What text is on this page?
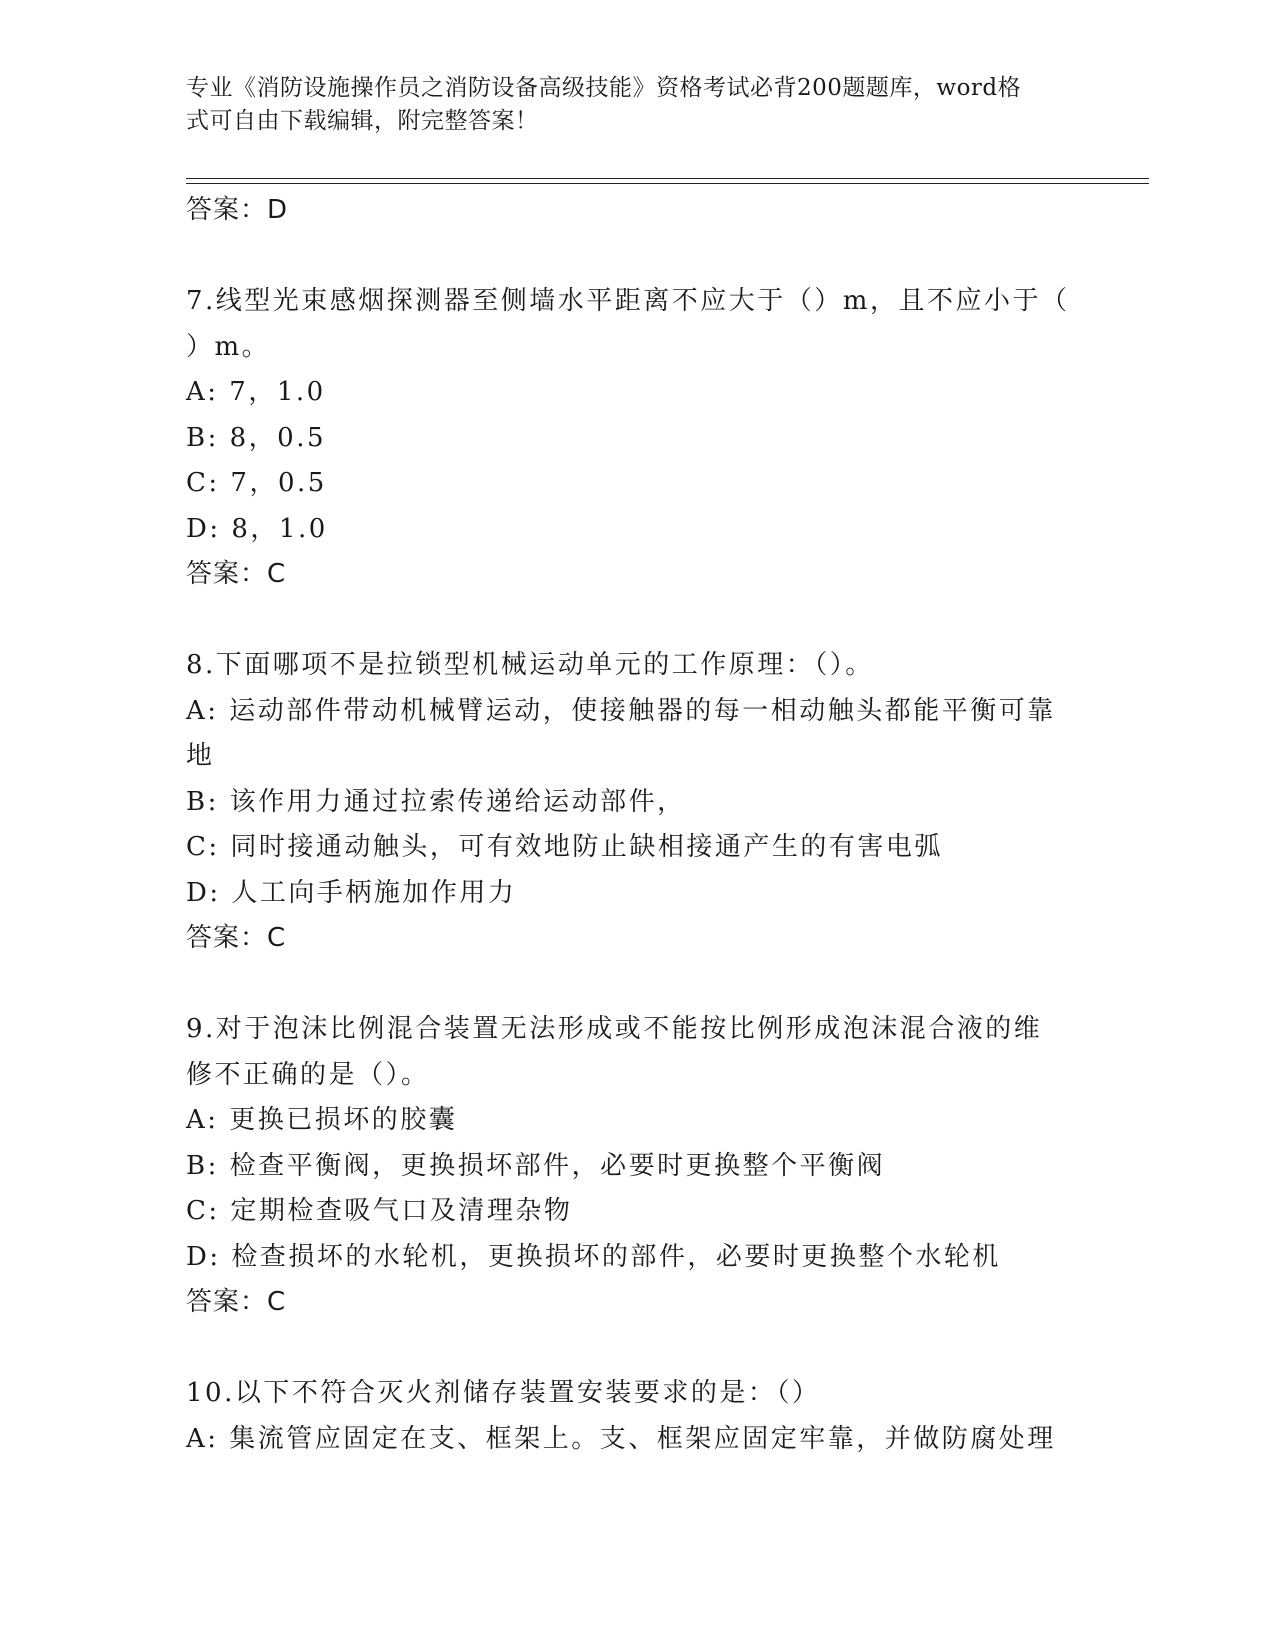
专业《消防设施操作员之消防设备高级技能》资格考试必背200题题库，word格
式可自由下载编辑，附完整答案！
答案：D
7.线型光束感烟探测器至侧墙水平距离不应大于（）m，且不应小于（
）m。
A: 7，1.0
B: 8，0.5
C: 7，0.5
D: 8，1.0
答案：C
8.下面哪项不是拉锁型机械运动单元的工作原理：（）。
A: 运动部件带动机械臂运动，使接触器的每一相动触头都能平衡可靠
地
B: 该作用力通过拉索传递给运动部件，
C: 同时接通动触头，可有效地防止缺相接通产生的有害电弧
D: 人工向手柄施加作用力
答案：C
9.对于泡沫比例混合装置无法形成或不能按比例形成泡沫混合液的维
修不正确的是（）。
A: 更换已损坏的胶囊
B: 检查平衡阀，更换损坏部件，必要时更换整个平衡阀
C: 定期检查吸气口及清理杂物
D: 检查损坏的水轮机，更换损坏的部件，必要时更换整个水轮机
答案：C
10.以下不符合灭火剂储存装置安装要求的是：（）
A: 集流管应固定在支、框架上。支、框架应固定牢靠，并做防腐处理
